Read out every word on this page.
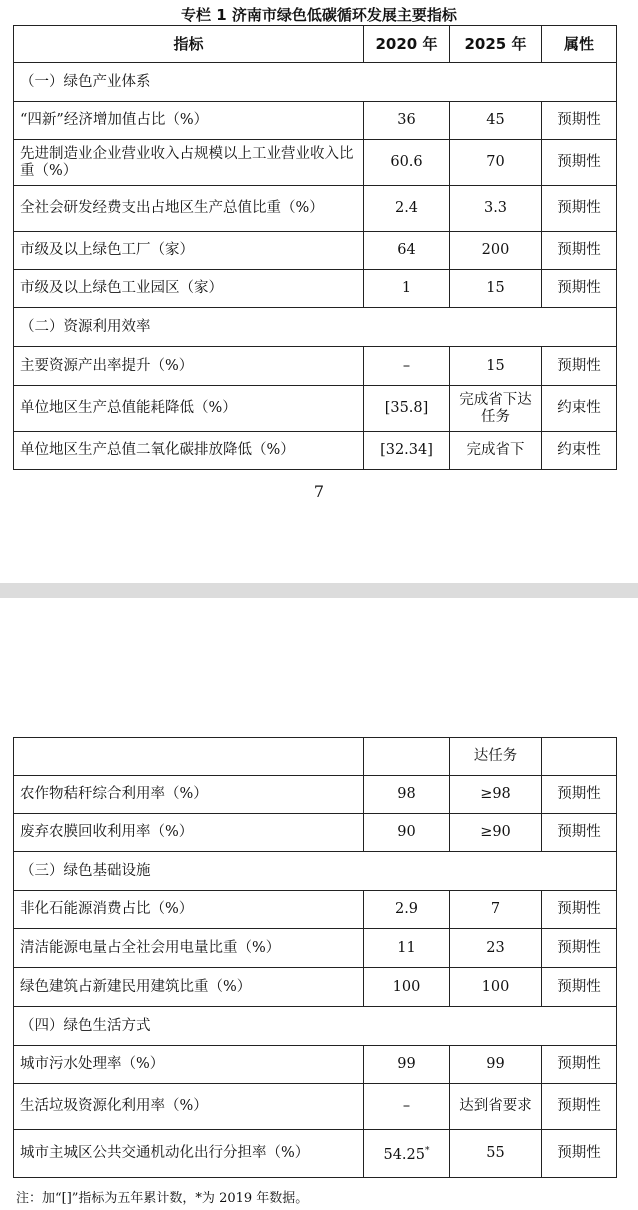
专栏 1 济南市绿色低碳循环发展主要指标
指标	2020 年	2025 年	属性
（一）绿色产业体系			
“四新”经济增加值占比（%）	36	45	预期性
先进制造业企业营业收入占规模以上工业营业收入比重（%）	60.6	70	预期性
全社会研发经费支出占地区生产总值比重（%）	2.4	3.3	预期性
市级及以上绿色工厂（家）	64	200	预期性
市级及以上绿色工业园区（家）	1	15	预期性
（二）资源利用效率			
主要资源产出率提升（%）	–	15	预期性
单位地区生产总值能耗降低（%）	[35.8]	完成省下达任务	约束性
单位地区生产总值二氧化碳排放降低（%）	[32.34]	完成省下	约束性
7
		达任务	
农作物秸秆综合利用率（%）	98	≥98	预期性
废弃农膜回收利用率（%）	90	≥90	预期性
（三）绿色基础设施			
非化石能源消费占比（%）	2.9	7	预期性
清洁能源电量占全社会用电量比重（%）	11	23	预期性
绿色建筑占新建民用建筑比重（%）	100	100	预期性
（四）绿色生活方式			
城市污水处理率（%）	99	99	预期性
生活垃圾资源化利用率（%）	–	达到省要求	预期性
城市主城区公共交通机动化出行分担率（%）	54.25*	55	预期性
注：加“[]”指标为五年累计数，*为 2019 年数据。
